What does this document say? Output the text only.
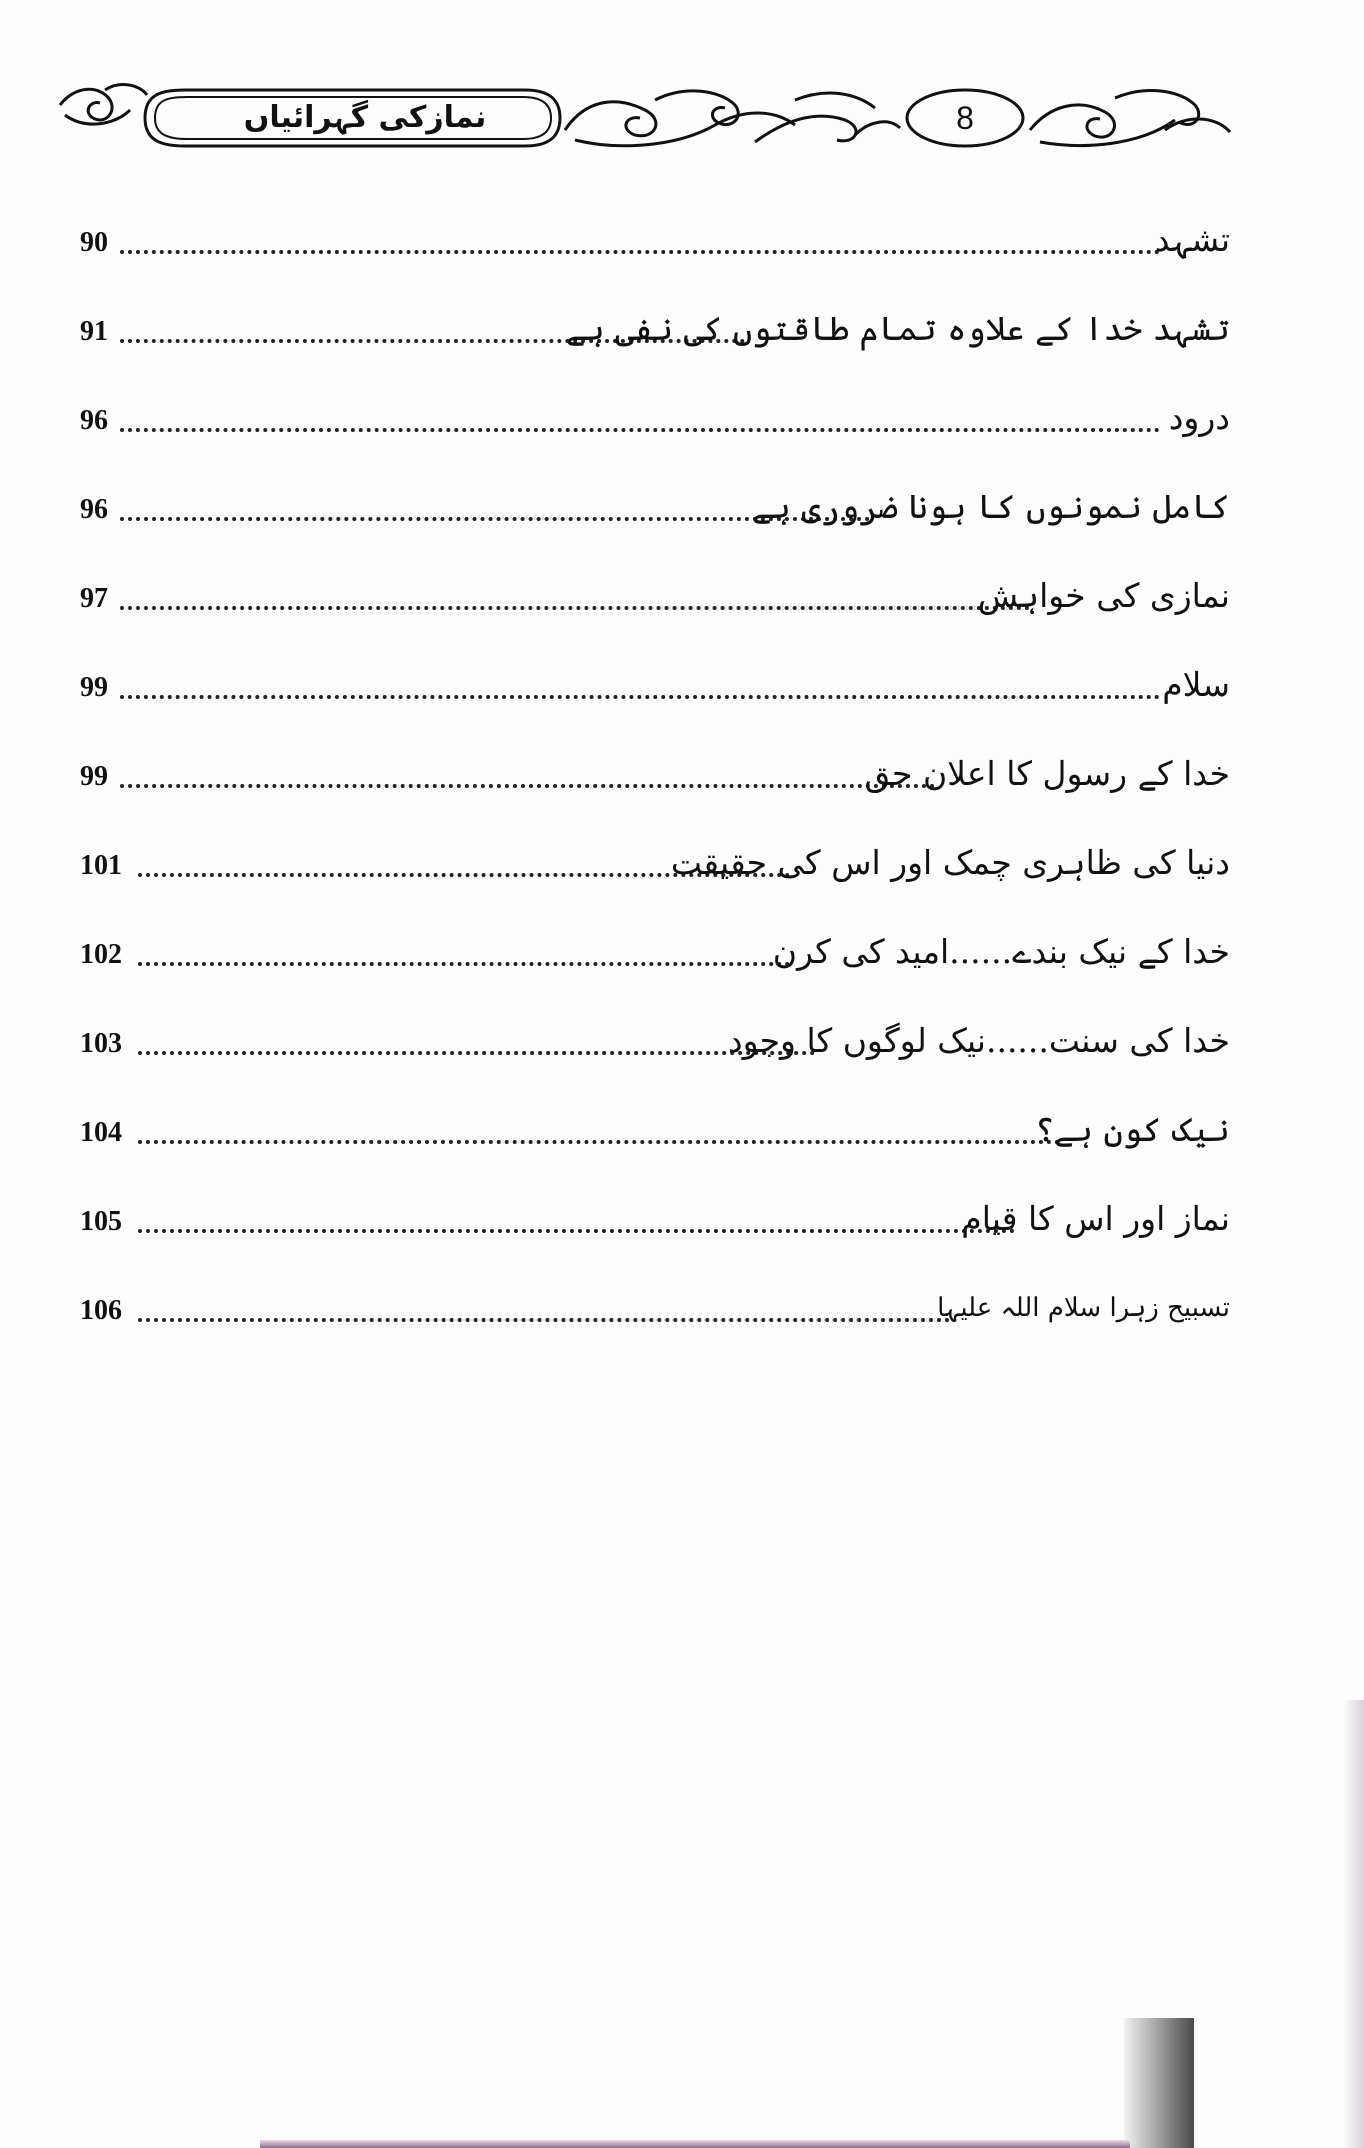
نمازکی گہرائیاں	8
90	تشہد
91	تشہد خدا کے علاوہ تمام طاقتوں کی نفی ہے
96	درود
96	کامل نمونوں کا ہونا ضروری ہے
97	نمازی کی خواہش
99	سلام
99	خدا کے رسول کا اعلان حق
101	دنیا کی ظاہری چمک اور اس کی حقیقت
102	خدا کے نیک بندے......امید کی کرن
103	خدا کی سنت......نیک لوگوں کا وجود
104	نیک کون ہے؟
105	نماز اور اس کا قیام
106	تسبیح زہرا سلام اللہ علیہا
